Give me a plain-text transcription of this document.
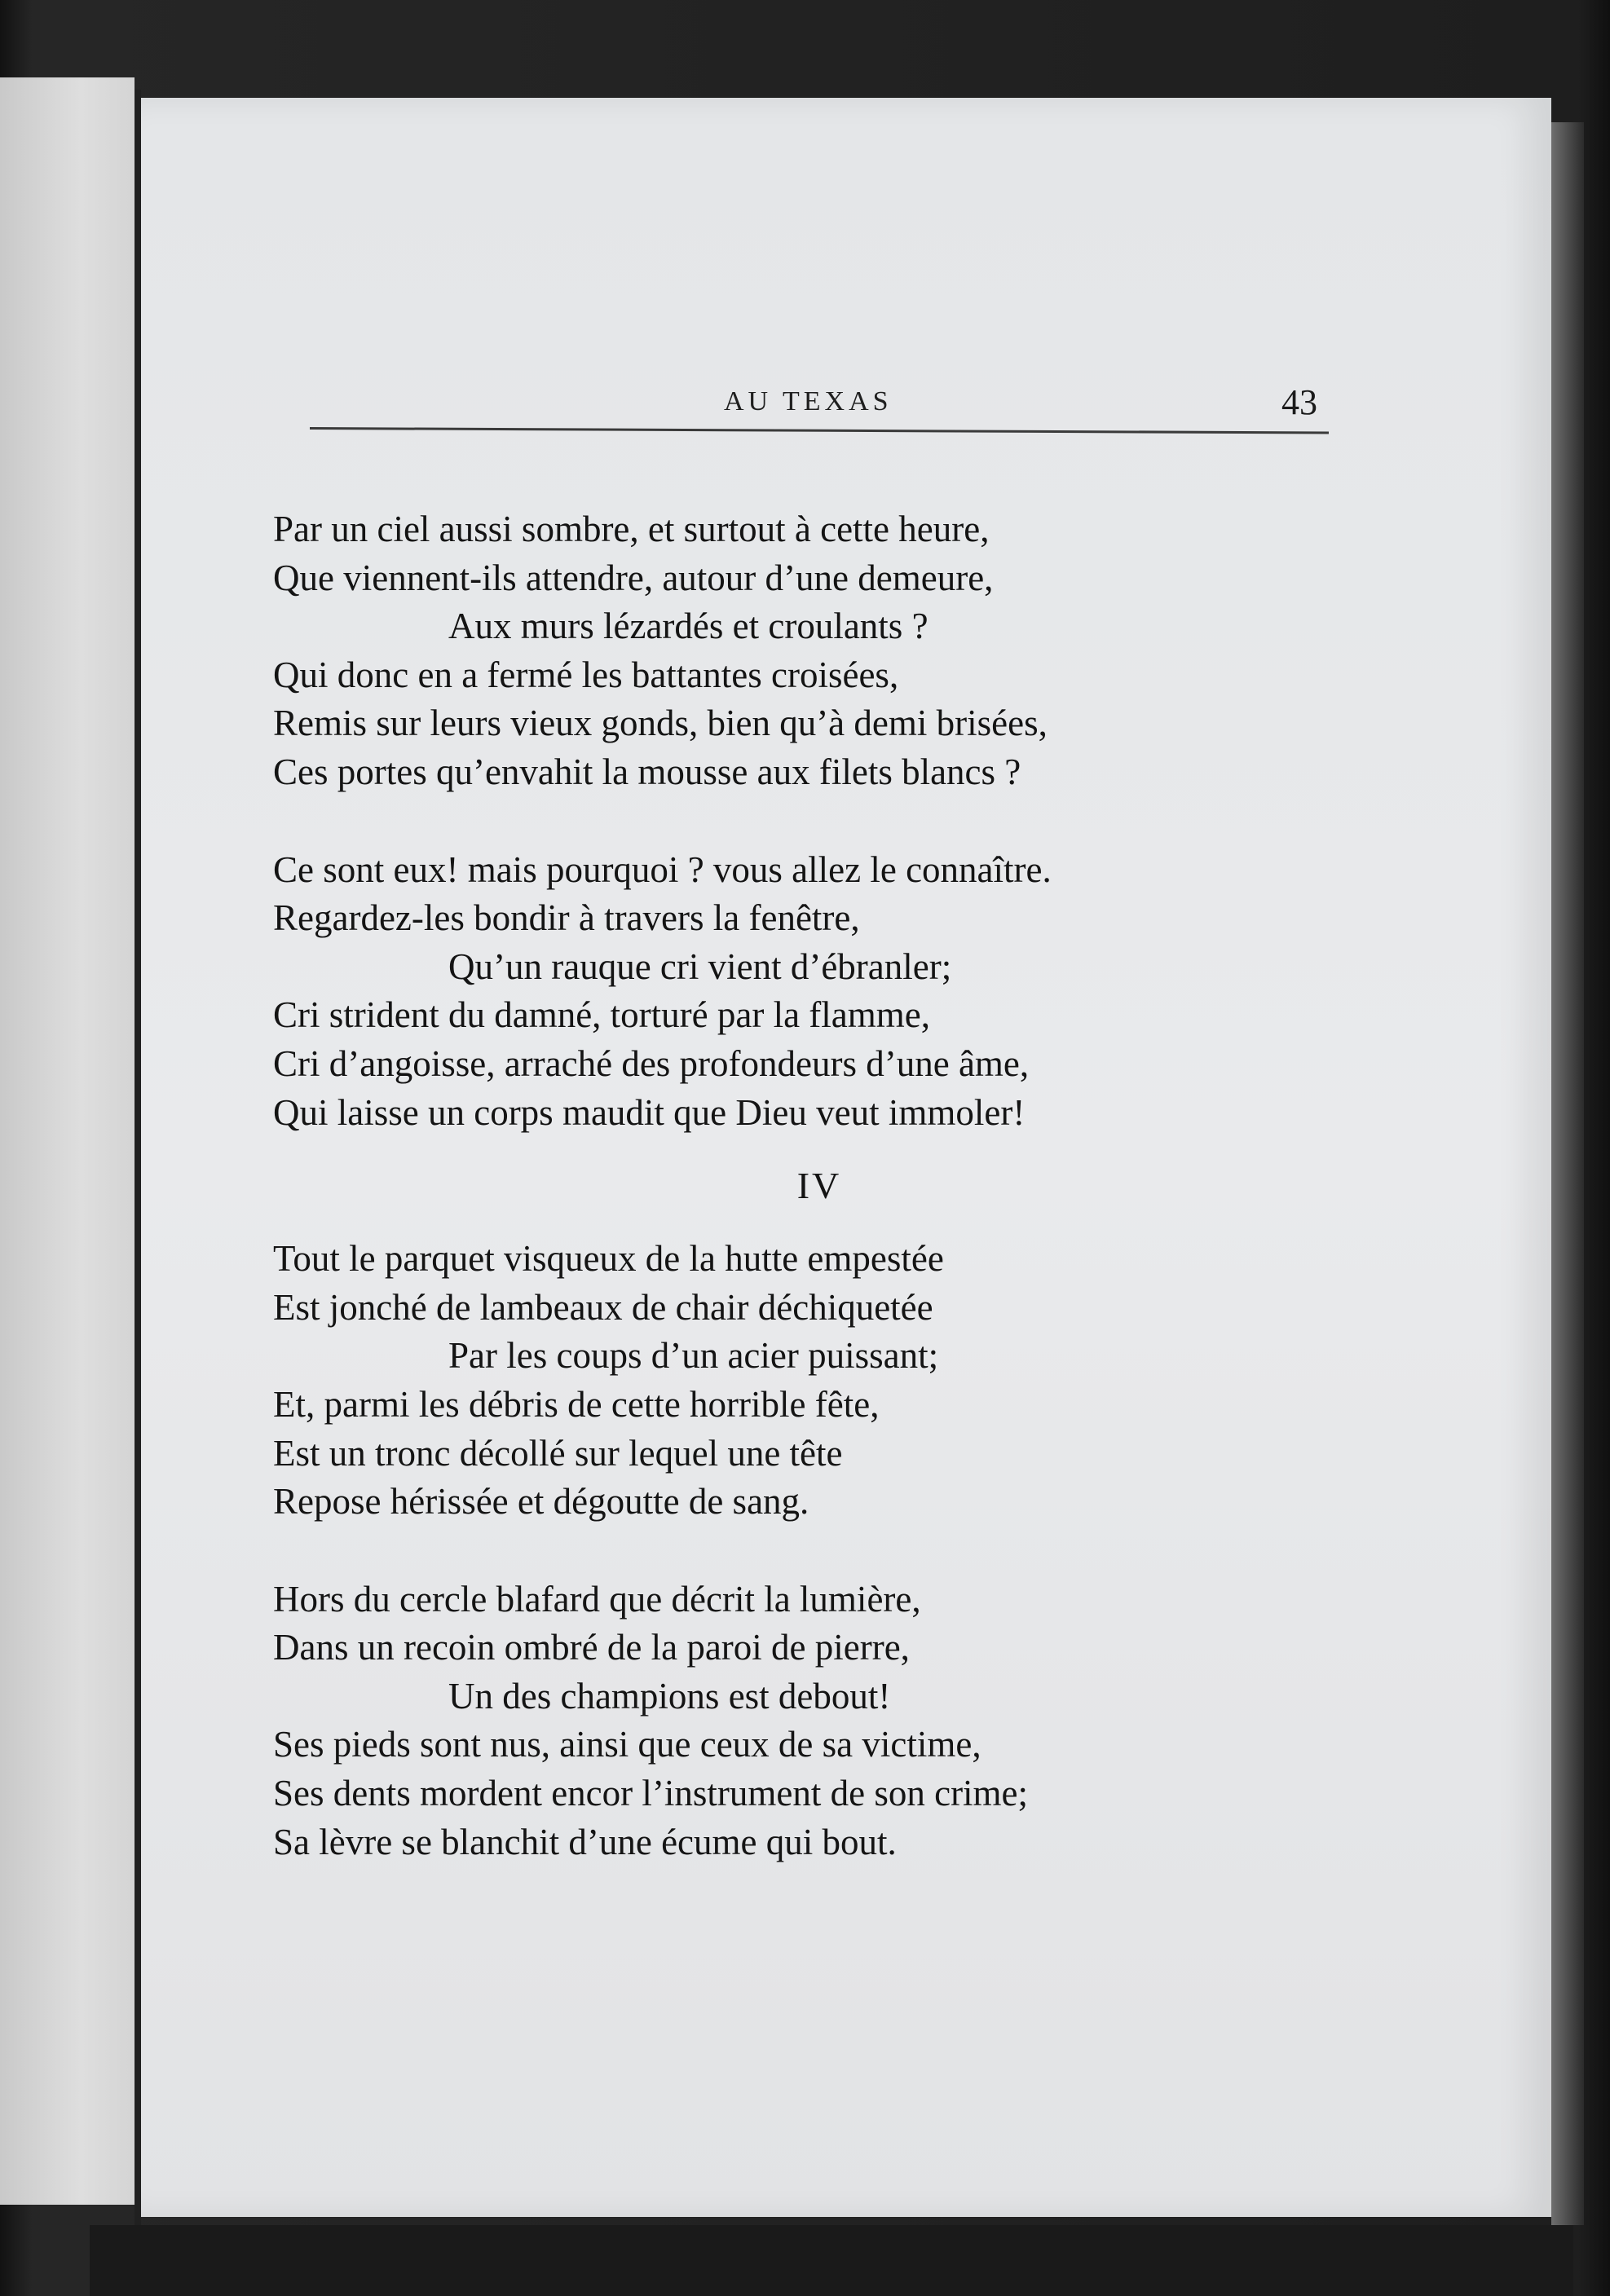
AU TEXAS	43
Par un ciel aussi sombre, et surtout à cette heure,
Que viennent-ils attendre, autour d’une demeure,
Aux murs lézardés et croulants ?
Qui donc en a fermé les battantes croisées,
Remis sur leurs vieux gonds, bien qu’à demi brisées,
Ces portes qu’envahit la mousse aux filets blancs ?
Ce sont eux! mais pourquoi ? vous allez le connaître.
Regardez-les bondir à travers la fenêtre,
Qu’un rauque cri vient d’ébranler;
Cri strident du damné, torturé par la flamme,
Cri d’angoisse, arraché des profondeurs d’une âme,
Qui laisse un corps maudit que Dieu veut immoler!
IV
Tout le parquet visqueux de la hutte empestée
Est jonché de lambeaux de chair déchiquetée
Par les coups d’un acier puissant;
Et, parmi les débris de cette horrible fête,
Est un tronc décollé sur lequel une tête
Repose hérissée et dégoutte de sang.
Hors du cercle blafard que décrit la lumière,
Dans un recoin ombré de la paroi de pierre,
Un des champions est debout!
Ses pieds sont nus, ainsi que ceux de sa victime,
Ses dents mordent encor l’instrument de son crime;
Sa lèvre se blanchit d’une écume qui bout.
